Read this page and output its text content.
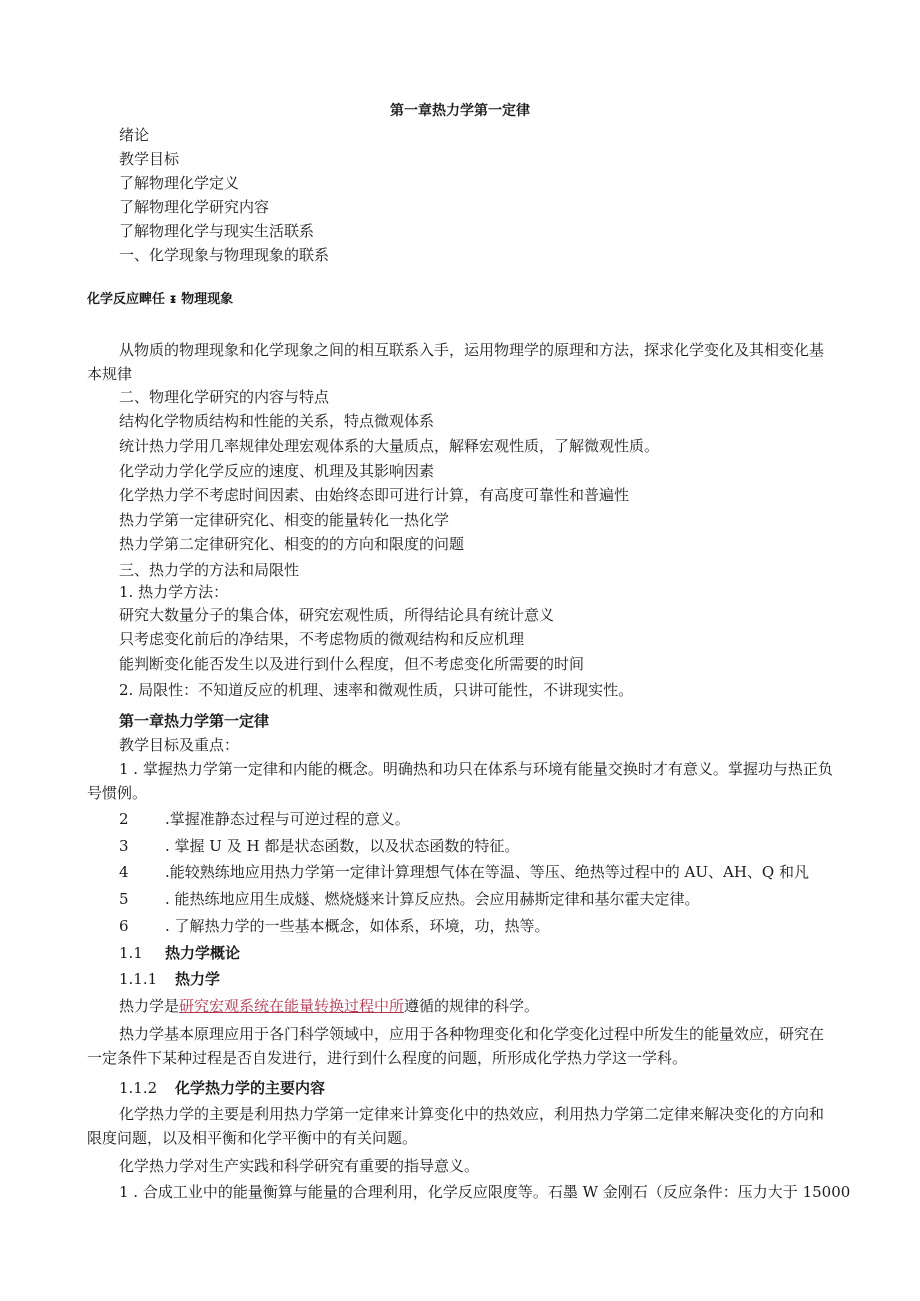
第一章热力学第一定律
绪论
教学目标
了解物理化学定义
了解物理化学研究内容
了解物理化学与现实生活联系
一、化学现象与物理现象的联系
化学反应㽡任 ᵻ 物理现象
从物质的物理现象和化学现象之间的相互联系入手，运用物理学的原理和方法，探求化学变化及其相变化基本规律
二、物理化学研究的内容与特点
结构化学物质结构和性能的关系，特点微观体系
统计热力学用几率规律处理宏观体系的大量质点，解释宏观性质，了解微观性质。
化学动力学化学反应的速度、机理及其影响因素
化学热力学不考虑时间因素、由始终态即可进行计算，有高度可靠性和普遍性
热力学第一定律研究化、相变的能量转化一热化学
热力学第二定律研究化、相变的的方向和限度的问题
三、热力学的方法和局限性
1. 热力学方法：
研究大数量分子的集合体，研究宏观性质，所得结论具有统计意义
只考虑变化前后的净结果，不考虑物质的微观结构和反应机理
能判断变化能否发生以及进行到什么程度，但不考虑变化所需要的时间
2. 局限性：不知道反应的机理、速率和微观性质，只讲可能性，不讲现实性。
第一章热力学第一定律
教学目标及重点：
1 . 掌握热力学第一定律和内能的概念。明确热和功只在体系与环境有能量交换时才有意义。掌握功与热正负号惯例。
2 .掌握准静态过程与可逆过程的意义。
3 . 掌握 U 及 H 都是状态函数，以及状态函数的特征。
4 .能较熟练地应用热力学第一定律计算理想气体在等温、等压、绝热等过程中的 AU、AH、Q 和凡
5 . 能热练地应用生成燧、燃烧燧来计算反应热。会应用赫斯定律和基尔霍夫定律。
6 . 了解热力学的一些基本概念，如体系，环境，功，热等。
1.1 热力学概论
1.1.1 热力学
热力学是研究宏观系统在能量转换过程中所遵循的规律的科学。
热力学基本原理应用于各门科学领域中，应用于各种物理变化和化学变化过程中所发生的能量效应，研究在一定条件下某种过程是否自发进行，进行到什么程度的问题，所形成化学热力学这一学科。
1.1.2 化学热力学的主要内容
化学热力学的主要是利用热力学第一定律来计算变化中的热效应，利用热力学第二定律来解决变化的方向和限度问题，以及相平衡和化学平衡中的有关问题。
化学热力学对生产实践和科学研究有重要的指导意义。
1 . 合成工业中的能量衡算与能量的合理利用，化学反应限度等。石墨 W 金刚石（反应条件：压力大于 15000
